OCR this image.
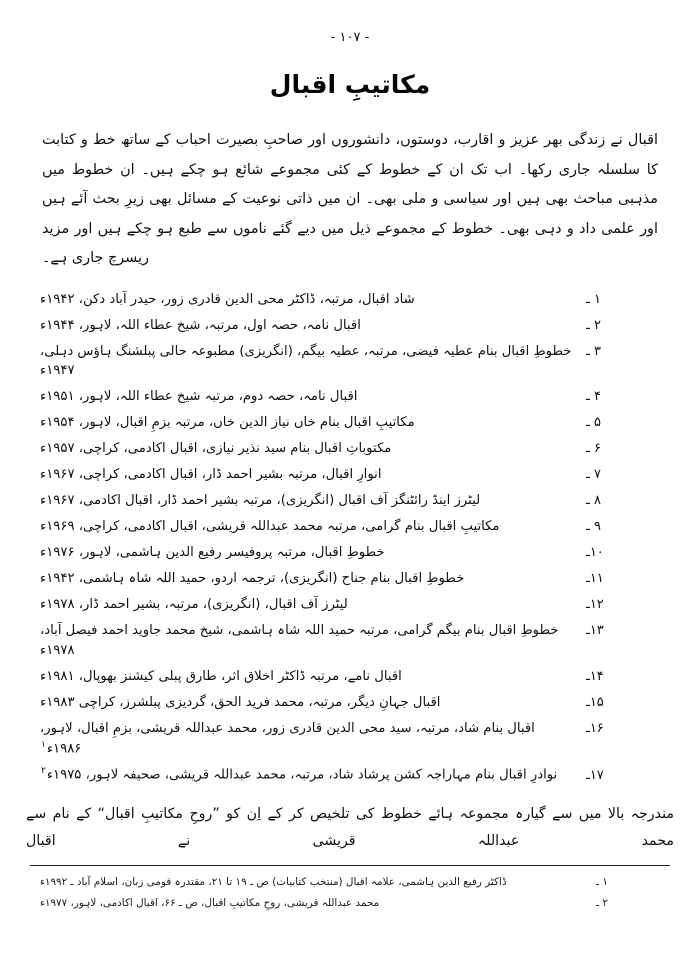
- ۱۰۷ -
مکاتیبِ اقبال

اقبال نے زندگی بھر عزیز و اقارب، دوستوں، دانشوروں اور صاحبِ بصیرت احباب کے ساتھ خط و کتابت کا سلسلہ جاری رکھا۔ اب تک ان کے خطوط کے کئی مجموعے شائع ہو چکے ہیں۔ ان خطوط میں مذہبی مباحث بھی ہیں اور سیاسی و ملی بھی۔ ان میں ذاتی نوعیت کے مسائل بھی زیرِ بحث آئے ہیں اور علمی داد و دہی بھی۔ خطوط کے مجموعے ذیل میں دیے گئے ناموں سے طبع ہو چکے ہیں اور مزید ریسرچ جاری ہے۔

۱ ـ
شاد اقبال، مرتبہ، ڈاکٹر محی الدین قادری زور، حیدر آباد دکن، ۱۹۴۲ء
۲ ـ
اقبال نامہ، حصہ اول، مرتبہ، شیخ عطاء اللہ، لاہور، ۱۹۴۴ء
۳ ـ
خطوطِ اقبال بنام عطیہ فیضی، مرتبہ، عطیہ بیگم، (انگریزی) مطبوعہ حالی پبلشنگ ہاؤس دہلی، ۱۹۴۷ء
۴ ـ
اقبال نامہ، حصہ دوم، مرتبہ شیخ عطاء اللہ، لاہور، ۱۹۵۱ء
۵ ـ
مکاتیبِ اقبال بنام خاں نیاز الدین خاں، مرتبہ بزمِ اقبال، لاہور، ۱۹۵۴ء
۶ ـ
مکتوباتِ اقبال بنام سید نذیر نیازی، اقبال اکادمی، کراچی، ۱۹۵۷ء
۷ ـ
انوارِ اقبال، مرتبہ بشیر احمد ڈار، اقبال اکادمی، کراچی، ۱۹۶۷ء
۸ ـ
لیٹرز اینڈ رائٹنگز آف اقبال (انگریزی)، مرتبہ بشیر احمد ڈار، اقبال اکادمی، ۱۹۶۷ء
۹ ـ
مکاتیبِ اقبال بنام گرامی، مرتبہ محمد عبداللہ قریشی، اقبال اکادمی، کراچی، ۱۹۶۹ء
۱۰ـ
خطوطِ اقبال، مرتبہ پروفیسر رفیع الدین ہاشمی، لاہور، ۱۹۷۶ء
۱۱ـ
خطوطِ اقبال بنام جناح (انگریزی)، ترجمہ اردو، حمید اللہ شاہ ہاشمی، ۱۹۴۲ء
۱۲ـ
لیٹرز آف اقبال، (انگریزی)، مرتبہ، بشیر احمد ڈار، ۱۹۷۸ء
۱۳ـ
خطوطِ اقبال بنام بیگم گرامی، مرتبہ حمید اللہ شاہ ہاشمی، شیخ محمد جاوید احمد فیصل آباد، ۱۹۷۸ء
۱۴ـ
اقبال نامے، مرتبہ ڈاکٹر اخلاق اثر، طارق پبلی کیشنز بھوپال، ۱۹۸۱ء
۱۵ـ
اقبال جہانِ دیگر، مرتبہ، محمد فرید الحق، گردیزی پبلشرز، کراچی ۱۹۸۳ء
۱۶ـ
اقبال بنام شاد، مرتبہ، سید محی الدین قادری زور، محمد عبداللہ قریشی، بزمِ اقبال، لاہور، ۱۹۸۶ء$^۱$
۱۷ـ
نوادرِ اقبال بنام مہاراجہ کشن پرشاد شاد، مرتبہ، محمد عبداللہ قریشی، صحیفہ لاہور، ۱۹۷۵ء$^۲$
مندرجہ بالا میں سے گیارہ مجموعہ ہائے خطوط کی تلخیص کر کے اِن کو ”روحِ مکاتیبِ اقبال“ کے نام سے محمد عبداللہ قریشی نے اقبال
۱ ـ
ڈاکٹر رفیع الدین ہاشمی، علامہ اقبال (منتخب کتابیات) ص ـ ۱۹ تا ۲۱، مقتدرہ قومی زبان، اسلام آباد ـ ۱۹۹۲ء
۲ ـ
محمد عبداللہ قریشی، روحِ مکاتیبِ اقبال، ص ـ ۶۶، اقبال اکادمی، لاہور، ۱۹۷۷ء
